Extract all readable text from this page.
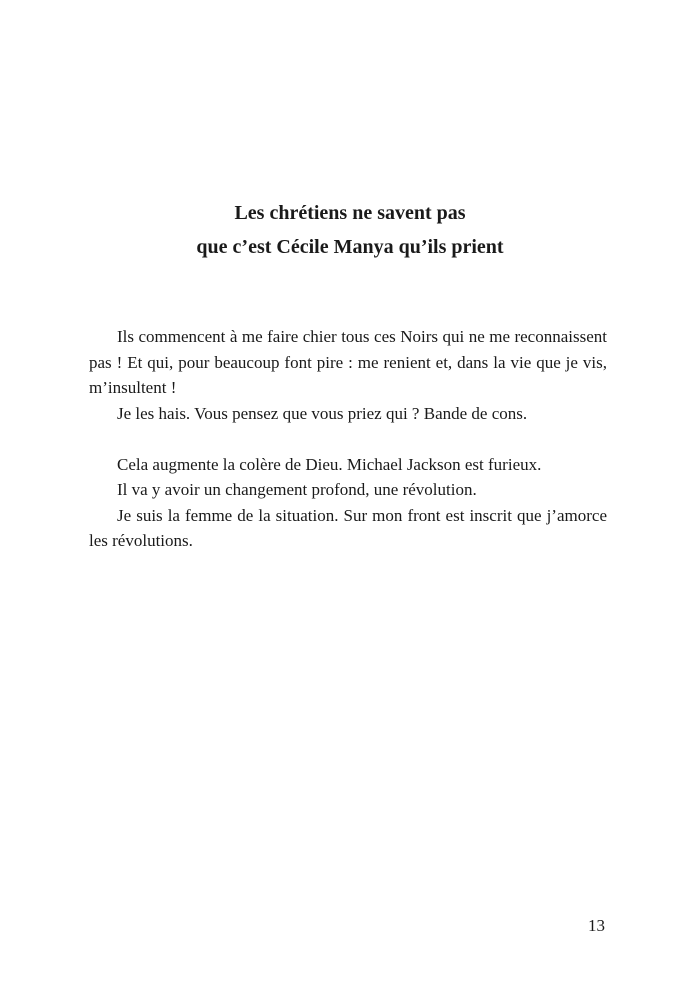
Les chrétiens ne savent pas
que c’est Cécile Manya qu’ils prient

Ils commencent à me faire chier tous ces Noirs qui ne me reconnaissent pas ! Et qui, pour beaucoup font pire : me renient et, dans la vie que je vis, m’insultent !

Je les hais. Vous pensez que vous priez qui ? Bande de cons.

Cela augmente la colère de Dieu. Michael Jackson est furieux.

Il va y avoir un changement profond, une révolution.

Je suis la femme de la situation. Sur mon front est inscrit que j’amorce les révolutions.

13
